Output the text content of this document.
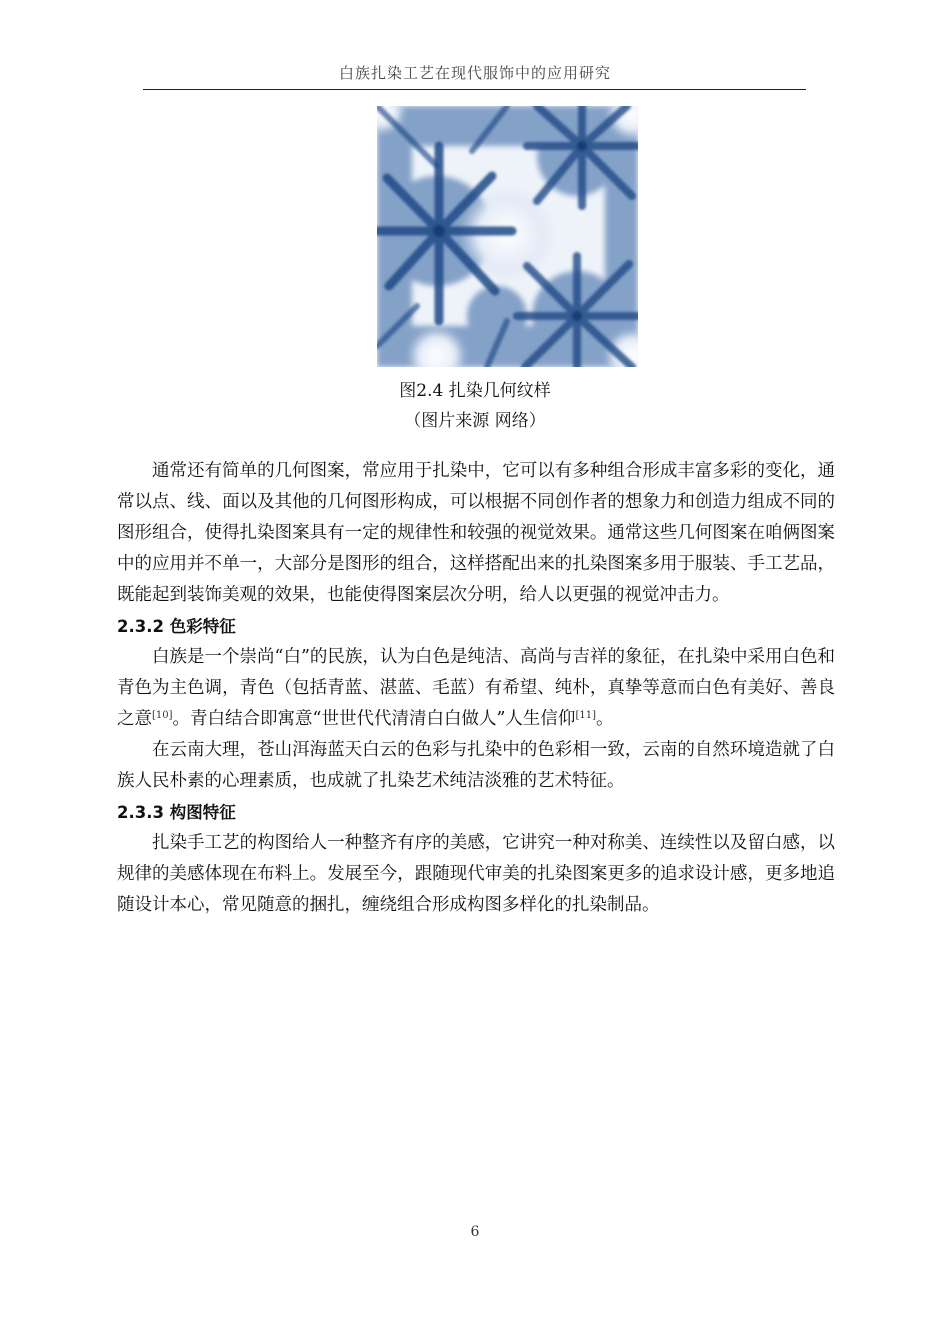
白族扎染工艺在现代服饰中的应用研究
图2.4 扎染几何纹样
（图片来源 网络）

通常还有简单的几何图案，常应用于扎染中，它可以有多种组合形成丰富多彩的变化，通常以点、线、面以及其他的几何图形构成，可以根据不同创作者的想象力和创造力组成不同的图形组合，使得扎染图案具有一定的规律性和较强的视觉效果。通常这些几何图案在咱俩图案中的应用并不单一，大部分是图形的组合，这样搭配出来的扎染图案多用于服装、手工艺品，既能起到装饰美观的效果，也能使得图案层次分明，给人以更强的视觉冲击力。

2.3.2 色彩特征

白族是一个崇尚“白”的民族，认为白色是纯洁、高尚与吉祥的象征，在扎染中采用白色和青色为主色调，青色（包括青蓝、湛蓝、毛蓝）有希望、纯朴，真挚等意而白色有美好、善良之意[10]。青白结合即寓意“世世代代清清白白做人”人生信仰[11]。

在云南大理，苍山洱海蓝天白云的色彩与扎染中的色彩相一致，云南的自然环境造就了白族人民朴素的心理素质，也成就了扎染艺术纯洁淡雅的艺术特征。

2.3.3 构图特征

扎染手工艺的构图给人一种整齐有序的美感，它讲究一种对称美、连续性以及留白感，以规律的美感体现在布料上。发展至今，跟随现代审美的扎染图案更多的追求设计感，更多地追随设计本心，常见随意的捆扎，缠绕组合形成构图多样化的扎染制品。

6
